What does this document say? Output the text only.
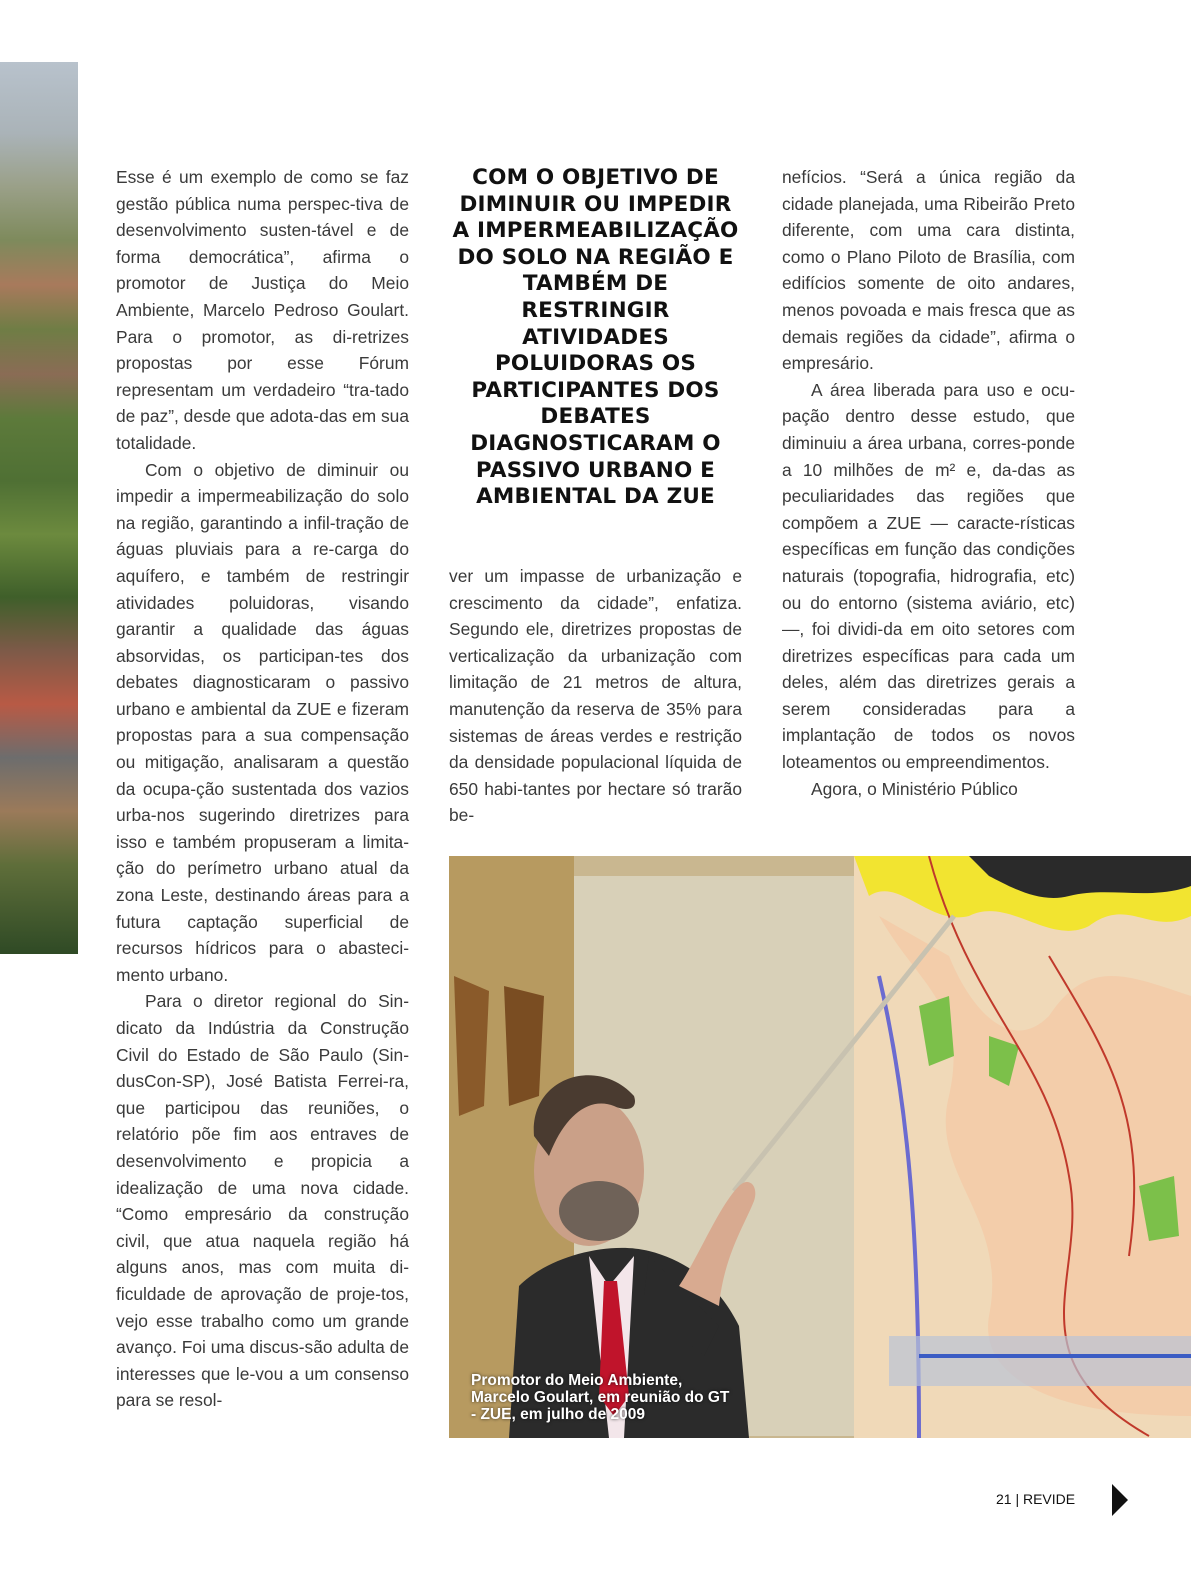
Esse é um exemplo de como se faz gestão pública numa perspec-tiva de desenvolvimento susten-tável e de forma democrática”, afirma o promotor de Justiça do Meio Ambiente, Marcelo Pedroso Goulart. Para o promotor, as di-retrizes propostas por esse Fórum representam um verdadeiro “tra-tado de paz”, desde que adota-das em sua totalidade.

Com o objetivo de diminuir ou impedir a impermeabilização do solo na região, garantindo a infil-tração de águas pluviais para a re-carga do aquífero, e também de restringir atividades poluidoras, visando garantir a qualidade das águas absorvidas, os participan-tes dos debates diagnosticaram o passivo urbano e ambiental da ZUE e fizeram propostas para a sua compensação ou mitigação, analisaram a questão da ocupa-ção sustentada dos vazios urba-nos sugerindo diretrizes para isso e também propuseram a limita-ção do perímetro urbano atual da zona Leste, destinando áreas para a futura captação superficial de recursos hídricos para o abasteci-mento urbano.

Para o diretor regional do Sin-dicato da Indústria da Construção Civil do Estado de São Paulo (Sin-dusCon-SP), José Batista Ferrei-ra, que participou das reuniões, o relatório põe fim aos entraves de desenvolvimento e propicia a idealização de uma nova cidade. “Como empresário da construção civil, que atua naquela região há alguns anos, mas com muita di-ficuldade de aprovação de proje-tos, vejo esse trabalho como um grande avanço. Foi uma discus-são adulta de interesses que le-vou a um consenso para se resol-

COM O OBJETIVO DE DIMINUIR OU IMPEDIR A IMPERMEABILIZAÇÃO DO SOLO NA REGIÃO E TAMBÉM DE RESTRINGIR ATIVIDADES POLUIDORAS OS PARTICIPANTES DOS DEBATES DIAGNOSTICARAM O PASSIVO URBANO E AMBIENTAL DA ZUE

ver um impasse de urbanização e crescimento da cidade”, enfatiza. Segundo ele, diretrizes propostas de verticalização da urbanização com limitação de 21 metros de altura, manutenção da reserva de 35% para sistemas de áreas verdes e restrição da densidade populacional líquida de 650 habi-tantes por hectare só trarão be-

nefícios. “Será a única região da cidade planejada, uma Ribeirão Preto diferente, com uma cara distinta, como o Plano Piloto de Brasília, com edifícios somente de oito andares, menos povoada e mais fresca que as demais regiões da cidade”, afirma o empresário.

A área liberada para uso e ocu-pação dentro desse estudo, que diminuiu a área urbana, corres-ponde a 10 milhões de m² e, da-das as peculiaridades das regiões que compõem a ZUE — caracte-rísticas específicas em função das condições naturais (topografia, hidrografia, etc) ou do entorno (sistema aviário, etc) —, foi dividi-da em oito setores com diretrizes específicas para cada um deles, além das diretrizes gerais a serem consideradas para a implantação de todos os novos loteamentos ou empreendimentos.

Agora, o Ministério Público

Promotor do Meio Ambiente, Marcelo Goulart, em reunião do GT - ZUE, em julho de 2009
21 | REVIDE
